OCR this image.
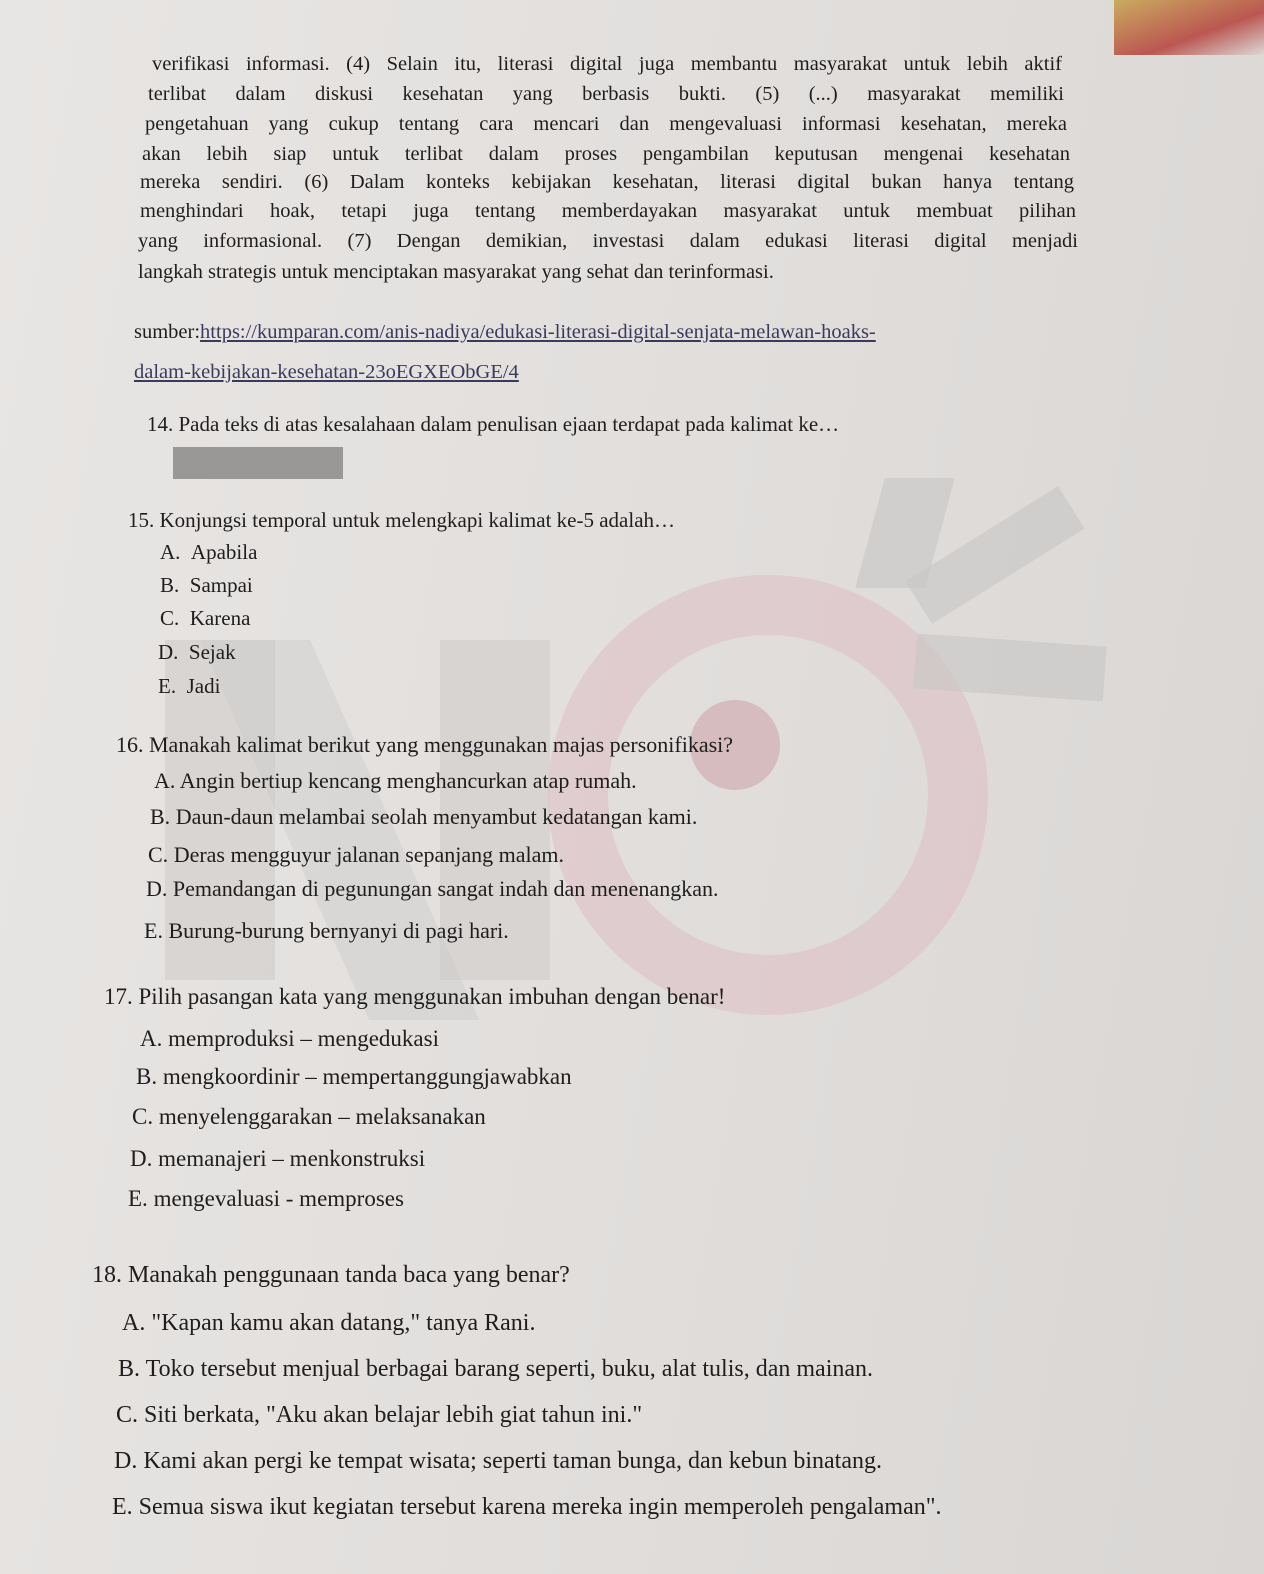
verifikasi informasi. (4) Selain itu, literasi digital juga membantu masyarakat untuk lebih aktif
terlibat dalam diskusi kesehatan yang berbasis bukti. (5) (...) masyarakat memiliki
pengetahuan yang cukup tentang cara mencari dan mengevaluasi informasi kesehatan, mereka
akan lebih siap untuk terlibat dalam proses pengambilan keputusan mengenai kesehatan
mereka sendiri. (6) Dalam konteks kebijakan kesehatan, literasi digital bukan hanya tentang
menghindari hoak, tetapi juga tentang memberdayakan masyarakat untuk membuat pilihan
yang informasional. (7) Dengan demikian, investasi dalam edukasi literasi digital menjadi
langkah strategis untuk menciptakan masyarakat yang sehat dan terinformasi.
sumber:https://kumparan.com/anis-nadiya/edukasi-literasi-digital-senjata-melawan-hoaks-
dalam-kebijakan-kesehatan-23oEGXEObGE/4
14. Pada teks di atas kesalahaan dalam penulisan ejaan terdapat pada kalimat ke…
15. Konjungsi temporal untuk melengkapi kalimat ke-5 adalah…
A. Apabila
B. Sampai
C. Karena
D. Sejak
E. Jadi
16. Manakah kalimat berikut yang menggunakan majas personifikasi?
A. Angin bertiup kencang menghancurkan atap rumah.
B. Daun-daun melambai seolah menyambut kedatangan kami.
C. Deras mengguyur jalanan sepanjang malam.
D. Pemandangan di pegunungan sangat indah dan menenangkan.
E. Burung-burung bernyanyi di pagi hari.
17. Pilih pasangan kata yang menggunakan imbuhan dengan benar!
A. memproduksi – mengedukasi
B. mengkoordinir – mempertanggungjawabkan
C. menyelenggarakan – melaksanakan
D. memanajeri – menkonstruksi
E. mengevaluasi - memproses
18. Manakah penggunaan tanda baca yang benar?
A. "Kapan kamu akan datang," tanya Rani.
B. Toko tersebut menjual berbagai barang seperti, buku, alat tulis, dan mainan.
C. Siti berkata, "Aku akan belajar lebih giat tahun ini."
D. Kami akan pergi ke tempat wisata; seperti taman bunga, dan kebun binatang.
E. Semua siswa ikut kegiatan tersebut karena mereka ingin memperoleh pengalaman".
